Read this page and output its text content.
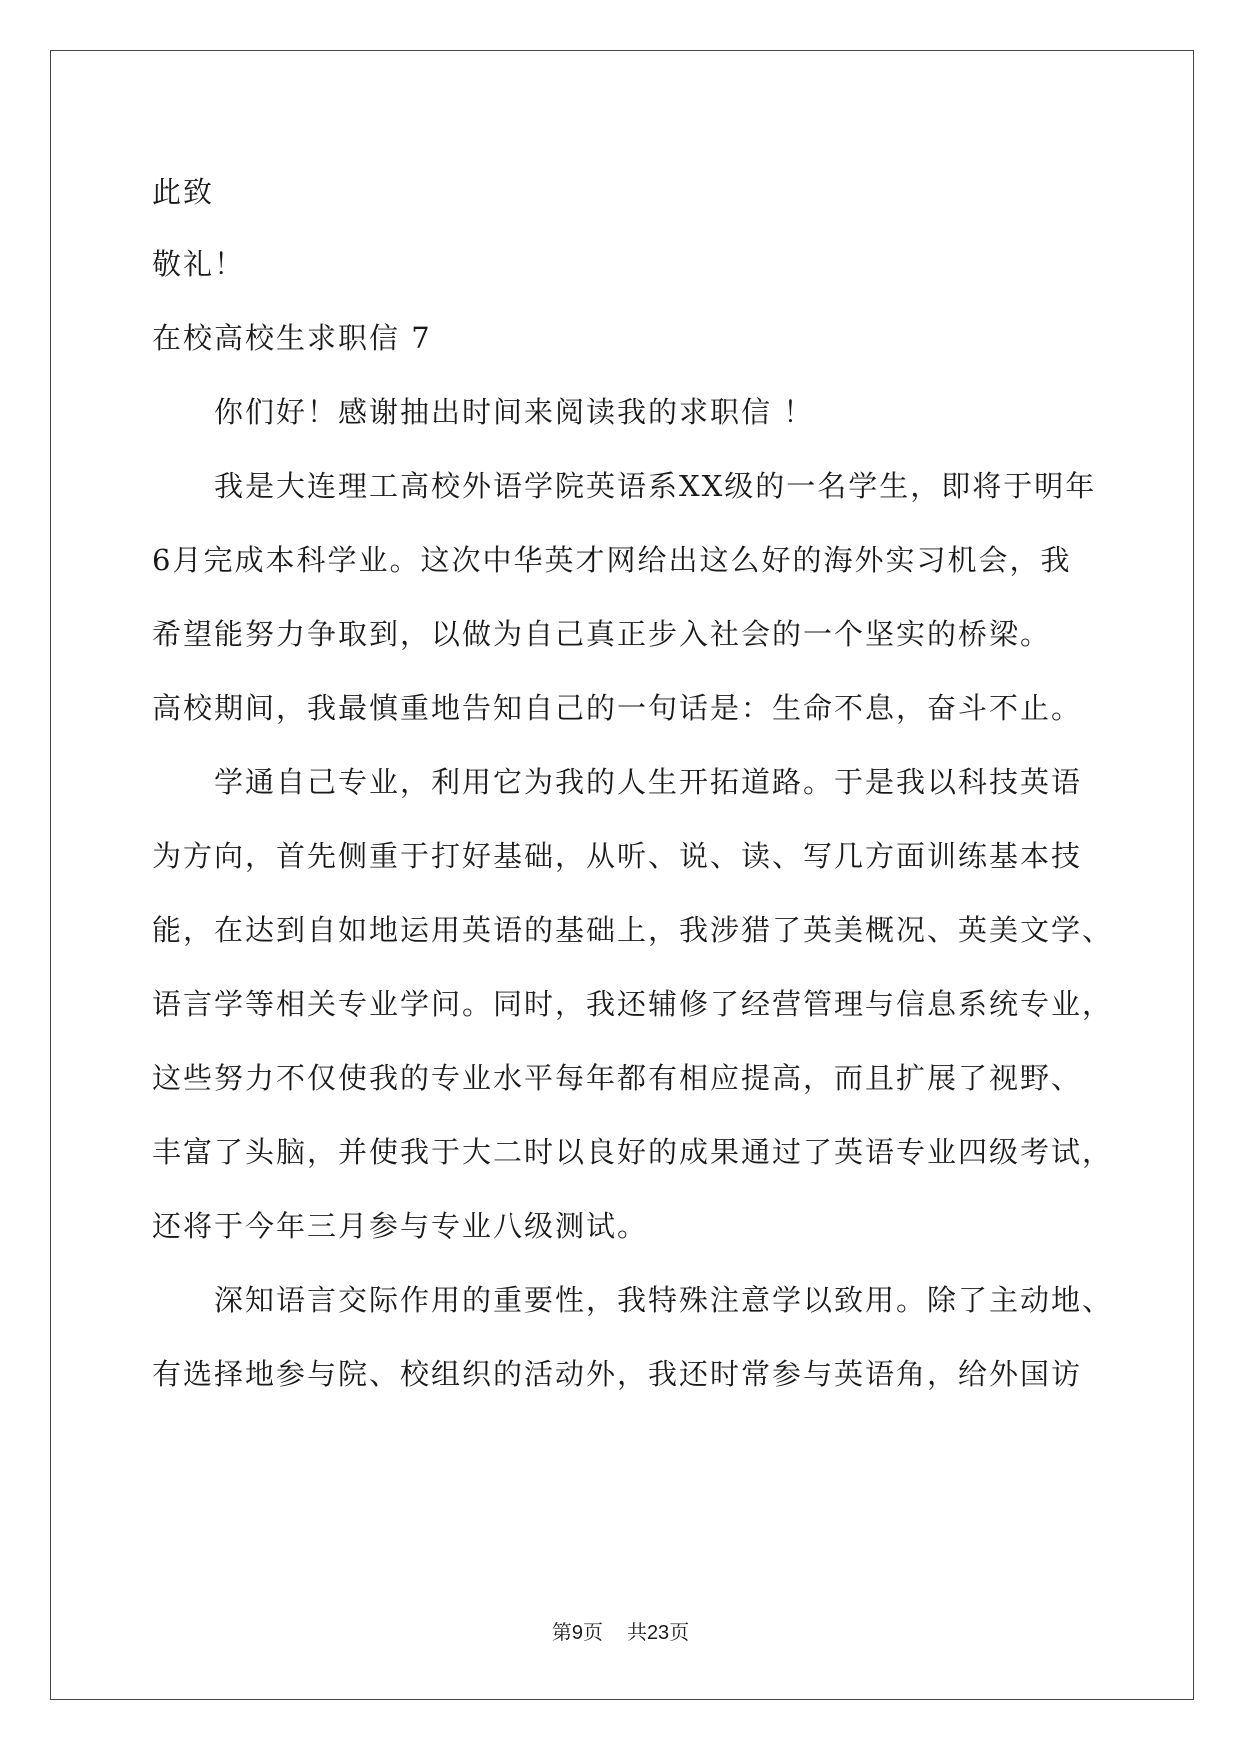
此致
敬礼！
在校高校生求职信 7
你们好！感谢抽出时间来阅读我的求职信 ！
我是大连理工高校外语学院英语系XX级的一名学生，即将于明年
6月完成本科学业。这次中华英才网给出这么好的海外实习机会，我
希望能努力争取到，以做为自己真正步入社会的一个坚实的桥梁。
高校期间，我最慎重地告知自己的一句话是：生命不息，奋斗不止。
学通自己专业，利用它为我的人生开拓道路。于是我以科技英语
为方向，首先侧重于打好基础，从听、说、读、写几方面训练基本技
能，在达到自如地运用英语的基础上，我涉猎了英美概况、英美文学、
语言学等相关专业学问。同时，我还辅修了经营管理与信息系统专业，
这些努力不仅使我的专业水平每年都有相应提高，而且扩展了视野、
丰富了头脑，并使我于大二时以良好的成果通过了英语专业四级考试，
还将于今年三月参与专业八级测试。
深知语言交际作用的重要性，我特殊注意学以致用。除了主动地、
有选择地参与院、校组织的活动外，我还时常参与英语角，给外国访
第9页 共23页
